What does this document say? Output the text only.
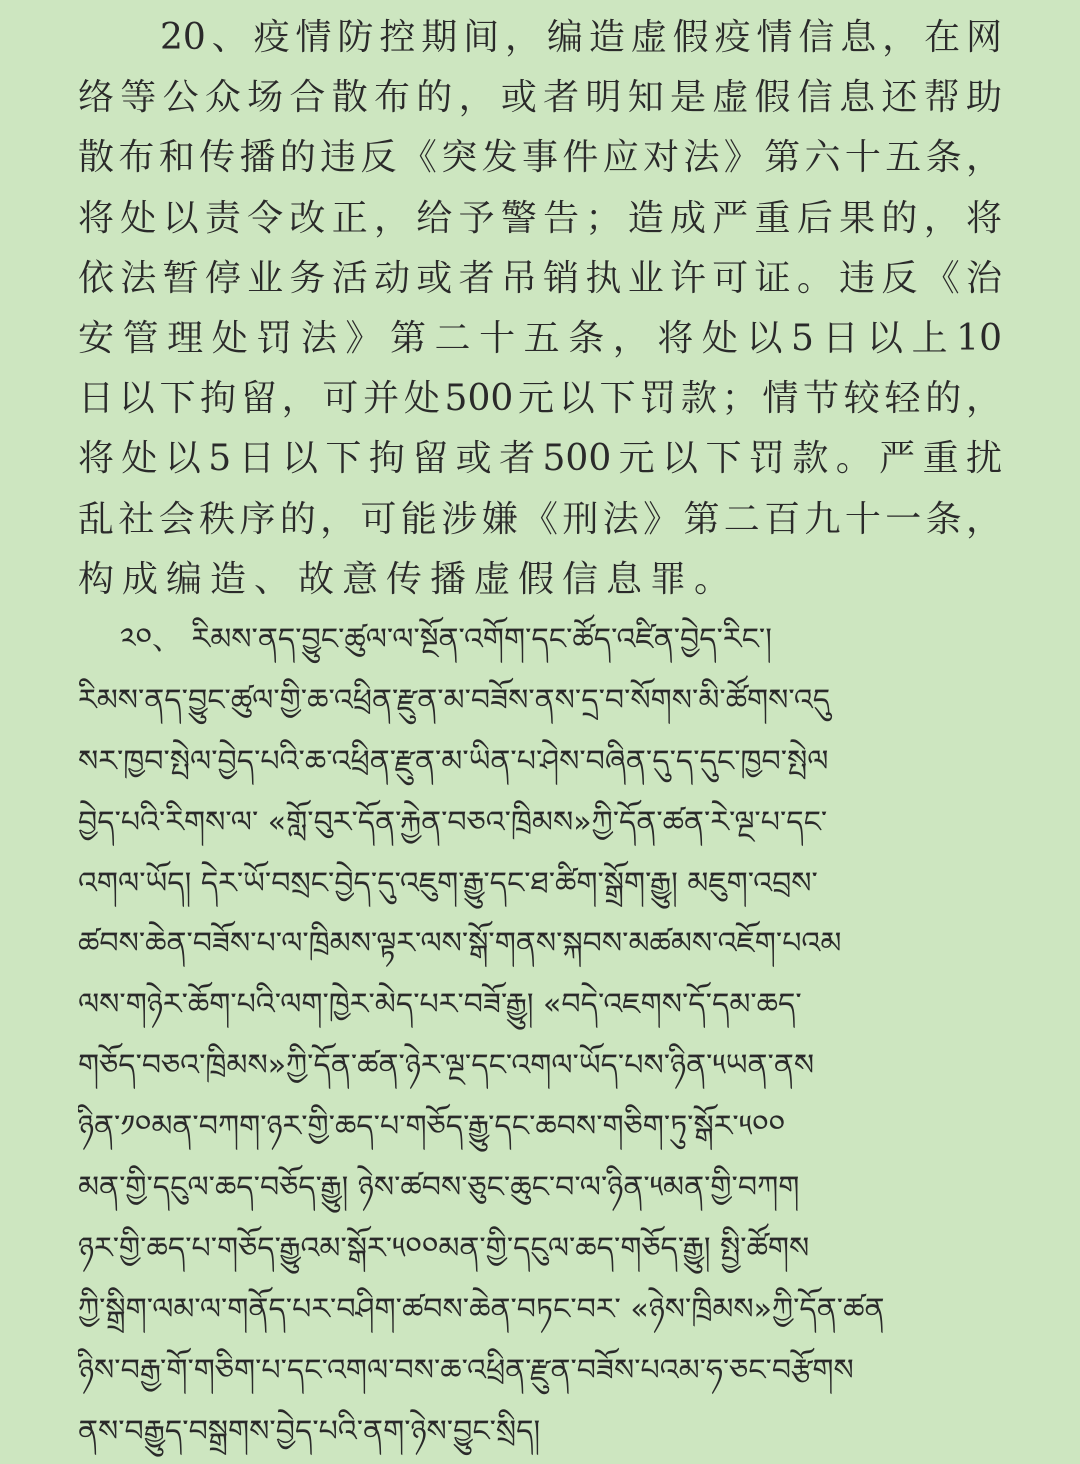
20、疫情防控期间，编造虚假疫情信息，在网
络等公众场合散布的，或者明知是虚假信息还帮助
散布和传播的违反《突发事件应对法》第六十五条，
将处以责令改正，给予警告；造成严重后果的，将
依法暂停业务活动或者吊销执业许可证。违反《治
安管理处罚法》第二十五条，将处以5日以上10
日以下拘留，可并处500元以下罚款；情节较轻的，
将处以5日以下拘留或者500元以下罚款。严重扰
乱社会秩序的，可能涉嫌《刑法》第二百九十一条，
构成编造、故意传播虚假信息罪。
༢༠、 རིམས་ནད་བྱུང་ཚུལ་ལ་སྔོན་འགོག་དང་ཚོད་འཛིན་བྱེད་རིང་།
རིམས་ནད་བྱུང་ཚུལ་གྱི་ཆ་འཕྲིན་རྫུན་མ་བཟོས་ནས་དྲ་བ་སོགས་མི་ཚོགས་འདུ
སར་ཁྱབ་སྤེལ་བྱེད་པའི་ཆ་འཕྲིན་རྫུན་མ་ཡིན་པ་ཤེས་བཞིན་དུ་ད་དུང་ཁྱབ་སྤེལ
བྱེད་པའི་རིགས་ལ་ «གློ་བུར་དོན་རྐྱེན་བཅའ་ཁྲིམས»ཀྱི་དོན་ཚན་རེ་ལྔ་པ་དང་
འགལ་ཡོད། དེར་ཡོ་བསྲང་བྱེད་དུ་འཇུག་རྒྱུ་དང་ཐ་ཚིག་སྒྲོག་རྒྱུ། མཇུག་འབྲས་
ཚབས་ཆེན་བཟོས་པ་ལ་ཁྲིམས་ལྟར་ལས་སྒོ་གནས་སྐབས་མཚམས་འཇོག་པའམ
ལས་གཉེར་ཆོག་པའི་ལག་ཁྱེར་མེད་པར་བཟོ་རྒྱུ། «བདེ་འཇགས་དོ་དམ་ཆད་
གཅོད་བཅའ་ཁྲིམས»ཀྱི་དོན་ཚན་ཉེར་ལྔ་དང་འགལ་ཡོད་པས་ཉིན་༥ཡན་ནས
ཉིན་༡༠མན་བཀག་ཉར་གྱི་ཆད་པ་གཅོད་རྒྱུ་དང་ཆབས་གཅིག་ཏུ་སྒོར་༥༠༠
མན་གྱི་དངུལ་ཆད་བཅོད་རྒྱུ། ཉེས་ཚབས་ཅུང་ཆུང་བ་ལ་ཉིན་༥མན་གྱི་བཀག
ཉར་གྱི་ཆད་པ་གཅོད་རྒྱུའམ་སྒོར་༥༠༠མན་གྱི་དངུལ་ཆད་གཅོད་རྒྱུ། སྤྱི་ཚོགས
ཀྱི་སྒྲིག་ལམ་ལ་གནོད་པར་བཤིག་ཚབས་ཆེན་བཏང་བར་ «ཉེས་ཁྲིམས»ཀྱི་དོན་ཚན
ཉིས་བརྒྱ་གོ་གཅིག་པ་དང་འགལ་བས་ཆ་འཕྲིན་རྫུན་བཟོས་པའམ་ཧ་ཅང་བརྩོགས
ནས་བརྒྱུད་བསྒྲགས་བྱེད་པའི་ནག་ཉེས་བྱུང་སྲིད།
